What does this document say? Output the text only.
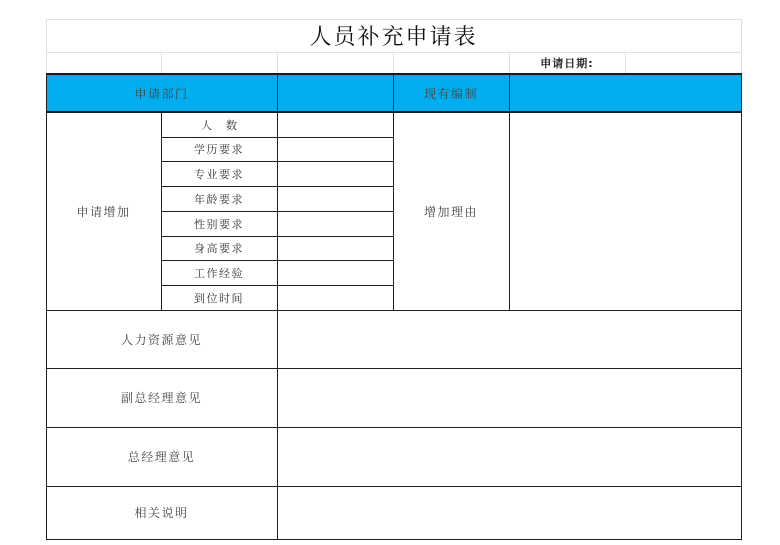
人员补充申请表
申请日期:
申请部门	现有编制
申请增加	增加理由
人数
学历要求
专业要求
年龄要求
性别要求
身高要求
工作经验
到位时间
人力资源意见
副总经理意见
总经理意见
相关说明
